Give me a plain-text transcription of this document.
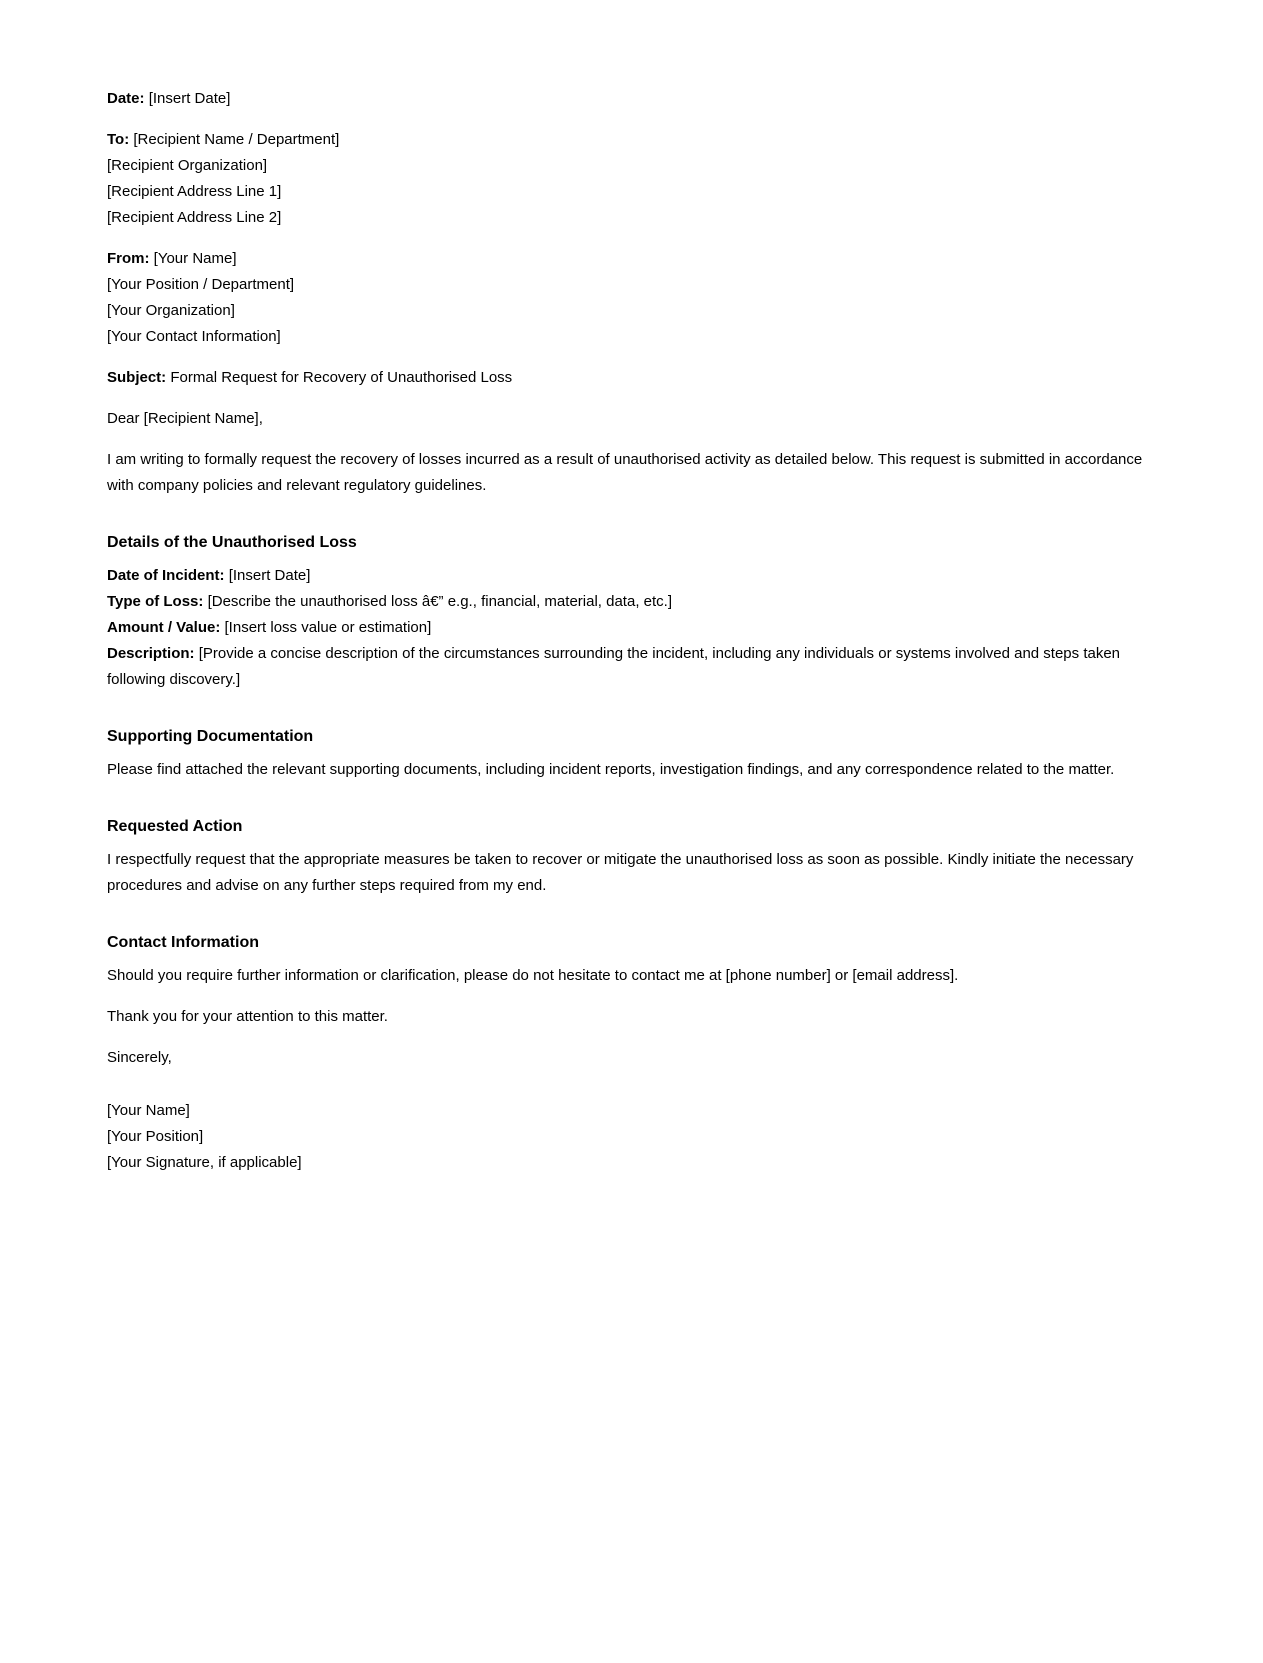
Date: [Insert Date]

To: [Recipient Name / Department]
[Recipient Organization]
[Recipient Address Line 1]
[Recipient Address Line 2]
From: [Your Name]
[Your Position / Department]
[Your Organization]
[Your Contact Information]

Subject: Formal Request for Recovery of Unauthorised Loss

Dear [Recipient Name],

I am writing to formally request the recovery of losses incurred as a result of unauthorised activity as detailed below. This request is submitted in accordance with company policies and relevant regulatory guidelines.

Details of the Unauthorised Loss
Date of Incident: [Insert Date]
Type of Loss: [Describe the unauthorised loss â€” e.g., financial, material, data, etc.]
Amount / Value: [Insert loss value or estimation]
Description: [Provide a concise description of the circumstances surrounding the incident, including any individuals or systems involved and steps taken following discovery.]
Supporting Documentation

Please find attached the relevant supporting documents, including incident reports, investigation findings, and any correspondence related to the matter.

Requested Action

I respectfully request that the appropriate measures be taken to recover or mitigate the unauthorised loss as soon as possible. Kindly initiate the necessary procedures and advise on any further steps required from my end.

Contact Information

Should you require further information or clarification, please do not hesitate to contact me at [phone number] or [email address].

Thank you for your attention to this matter.

Sincerely,

[Your Name]
[Your Position]
[Your Signature, if applicable]
